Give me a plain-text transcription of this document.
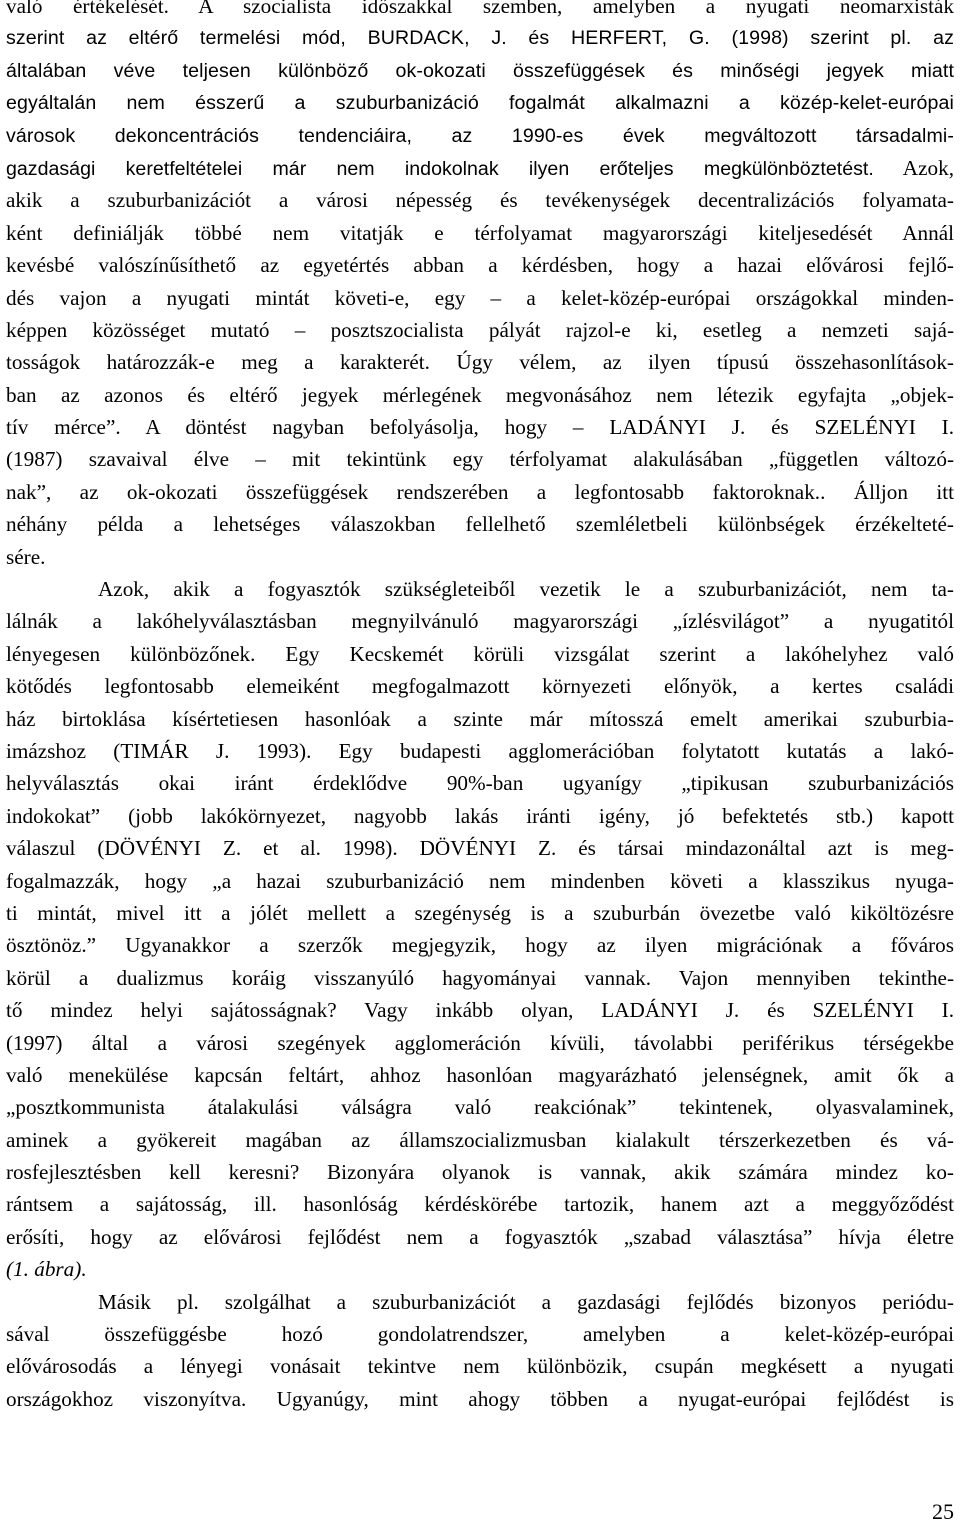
való értékelését. A szocialista időszakkal szemben, amelyben a nyugati neomarxisták
szerint az eltérő termelési mód, BURDACK, J. és HERFERT, G. (1998) szerint pl. az
általában véve teljesen különböző ok-okozati összefüggések és minőségi jegyek miatt
egyáltalán nem ésszerű a szuburbanizáció fogalmát alkalmazni a közép-kelet-európai
városok dekoncentrációs tendenciáira, az 1990-es évek megváltozott társadalmi-
gazdasági keretfeltételei már nem indokolnak ilyen erőteljes megkülönböztetést. Azok,
akik a szuburbanizációt a városi népesség és tevékenységek decentralizációs folyamata-
ként definiálják többé nem vitatják e térfolyamat magyarországi kiteljesedését Annál
kevésbé valószínűsíthető az egyetértés abban a kérdésben, hogy a hazai elővárosi fejlő-
dés vajon a nyugati mintát követi-e, egy – a kelet-közép-európai országokkal minden-
képpen közösséget mutató – posztszocialista pályát rajzol-e ki, esetleg a nemzeti sajá-
tosságok határozzák-e meg a karakterét. Úgy vélem, az ilyen típusú összehasonlítások-
ban az azonos és eltérő jegyek mérlegének megvonásához nem létezik egyfajta „objek-
tív mérce”. A döntést nagyban befolyásolja, hogy – LADÁNYI J. és SZELÉNYI I.
(1987) szavaival élve – mit tekintünk egy térfolyamat alakulásában „független változó-
nak”, az ok-okozati összefüggések rendszerében a legfontosabb faktoroknak.. Álljon itt
néhány példa a lehetséges válaszokban fellelhető szemléletbeli különbségek érzékelteté-
sére.
Azok, akik a fogyasztók szükségleteiből vezetik le a szuburbanizációt, nem ta-
lálnák a lakóhelyválasztásban megnyilvánuló magyarországi „ízlésvilágot” a nyugatitól
lényegesen különbözőnek. Egy Kecskemét körüli vizsgálat szerint a lakóhelyhez való
kötődés legfontosabb elemeiként megfogalmazott környezeti előnyök, a kertes családi
ház birtoklása kísértetiesen hasonlóak a szinte már mítosszá emelt amerikai szuburbia-
imázshoz (TIMÁR J. 1993). Egy budapesti agglomerációban folytatott kutatás a lakó-
helyválasztás okai iránt érdeklődve 90%-ban ugyanígy „tipikusan szuburbanizációs
indokokat” (jobb lakókörnyezet, nagyobb lakás iránti igény, jó befektetés stb.) kapott
válaszul (DÖVÉNYI Z. et al. 1998). DÖVÉNYI Z. és társai mindazonáltal azt is meg-
fogalmazzák, hogy „a hazai szuburbanizáció nem mindenben követi a klasszikus nyuga-
ti mintát, mivel itt a jólét mellett a szegénység is a szuburbán övezetbe való kiköltözésre
ösztönöz.” Ugyanakkor a szerzők megjegyzik, hogy az ilyen migrációnak a főváros
körül a dualizmus koráig visszanyúló hagyományai vannak. Vajon mennyiben tekinthe-
tő mindez helyi sajátosságnak? Vagy inkább olyan, LADÁNYI J. és SZELÉNYI I.
(1997) által a városi szegények agglomeráción kívüli, távolabbi periférikus térségekbe
való menekülése kapcsán feltárt, ahhoz hasonlóan magyarázható jelenségnek, amit ők a
„posztkommunista átalakulási válságra való reakciónak” tekintenek, olyasvalaminek,
aminek a gyökereit magában az államszocializmusban kialakult térszerkezetben és vá-
rosfejlesztésben kell keresni? Bizonyára olyanok is vannak, akik számára mindez ko-
rántsem a sajátosság, ill. hasonlóság kérdéskörébe tartozik, hanem azt a meggyőződést
erősíti, hogy az elővárosi fejlődést nem a fogyasztók „szabad választása” hívja életre
(1. ábra).
Másik pl. szolgálhat a szuburbanizációt a gazdasági fejlődés bizonyos periódu-
sával összefüggésbe hozó gondolatrendszer, amelyben a kelet-közép-európai
elővárosodás a lényegi vonásait tekintve nem különbözik, csupán megkésett a nyugati
országokhoz viszonyítva. Ugyanúgy, mint ahogy többen a nyugat-európai fejlődést is
25
